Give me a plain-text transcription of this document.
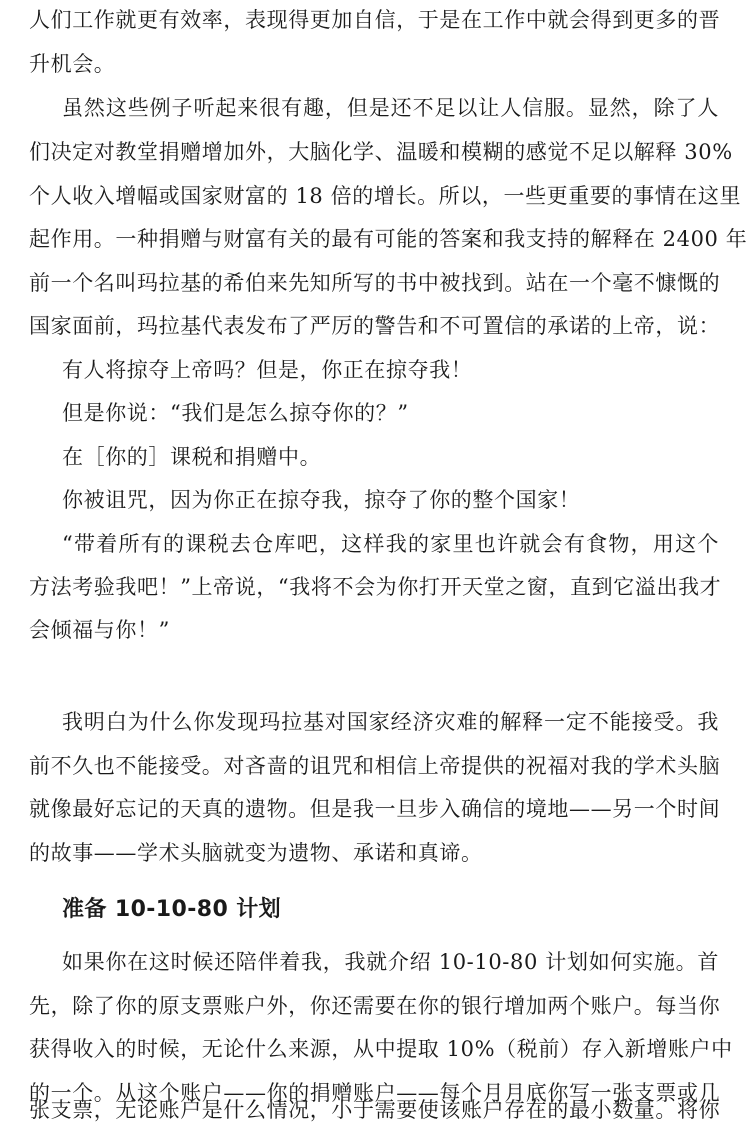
人们工作就更有效率，表现得更加自信，于是在工作中就会得到更多的晋
升机会。
虽然这些例子听起来很有趣，但是还不足以让人信服。显然，除了人
们决定对教堂捐赠增加外，大脑化学、温暖和模糊的感觉不足以解释 30%
个人收入增幅或国家财富的 18 倍的增长。所以，一些更重要的事情在这里
起作用。一种捐赠与财富有关的最有可能的答案和我支持的解释在 2400 年
前一个名叫玛拉基的希伯来先知所写的书中被找到。站在一个毫不慷慨的
国家面前，玛拉基代表发布了严厉的警告和不可置信的承诺的上帝，说：
有人将掠夺上帝吗？但是，你正在掠夺我！
但是你说：“我们是怎么掠夺你的？”
在［你的］课税和捐赠中。
你被诅咒，因为你正在掠夺我，掠夺了你的整个国家！
“带着所有的课税去仓库吧，这样我的家里也许就会有食物，用这个
方法考验我吧！”上帝说，“我将不会为你打开天堂之窗，直到它溢出我才
会倾福与你！”
我明白为什么你发现玛拉基对国家经济灾难的解释一定不能接受。我
前不久也不能接受。对吝啬的诅咒和相信上帝提供的祝福对我的学术头脑
就像最好忘记的天真的遗物。但是我一旦步入确信的境地——另一个时间
的故事——学术头脑就变为遗物、承诺和真谛。
准备 10-10-80 计划
如果你在这时候还陪伴着我，我就介绍 10-10-80 计划如何实施。首
先，除了你的原支票账户外，你还需要在你的银行增加两个账户。每当你
获得收入的时候，无论什么来源，从中提取 10%（税前）存入新增账户中
的一个。从这个账户——你的捐赠账户——每个月月底你写一张支票或几
张支票，无论账户是什么情况，小于需要使该账户存在的最小数量。将你
